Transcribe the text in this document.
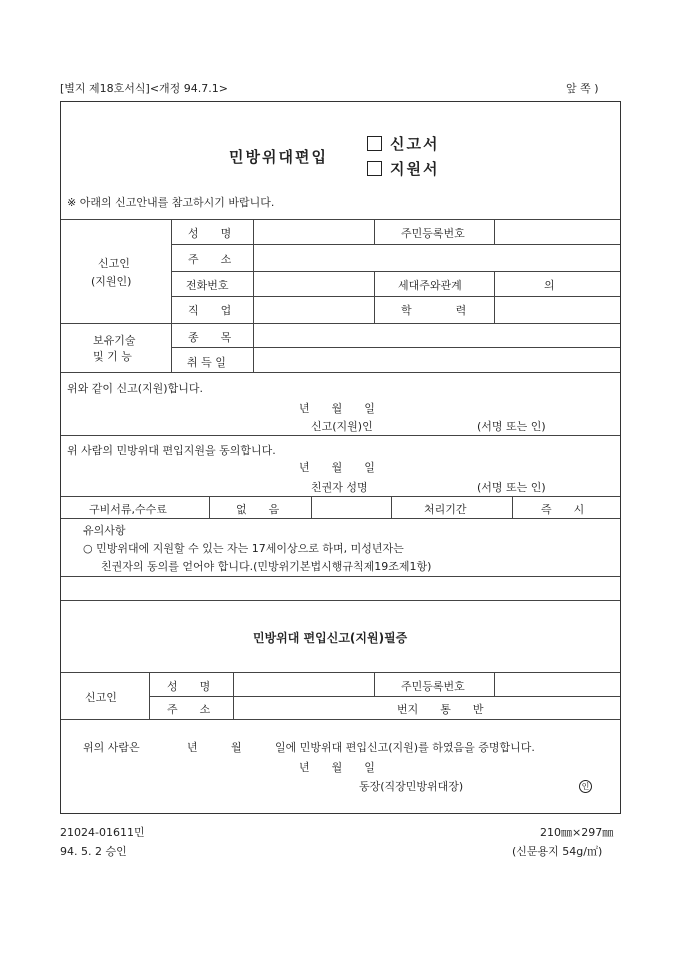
[별지 제18호서식]<개정 94.7.1>	앞 쪽 )
민방위대편입
신고서
지원서
※ 아래의 신고안내를 참고하시기 바랍니다.
신고인
(지원인)
성　　명	주민등록번호
주　　소
전화번호	세대주와관계	의
직　　업	학　　　　력
보유기술
및 기 능
종　　목
취 득 일
위와 같이 신고(지원)합니다.
년　　월　　일
신고(지원)인	(서명 또는 인)
위 사람의 민방위대 편입지원을 동의합니다.
년　　월　　일
친권자 성명	(서명 또는 인)
구비서류,수수료	없　　음	처리기간	즉　　시
유의사항
○ 민방위대에 지원할 수 있는 자는 17세이상으로 하며, 미성년자는
친권자의 동의를 얻어야 합니다.(민방위기본법시행규칙제19조제1항)
민방위대 편입신고(지원)필증
신고인
성　　명	주민등록번호
주　　소	번지　　통　　반
위의 사람은	년	월	일에 민방위대 편입신고(지원)를 하였음을 증명합니다.
년　　월　　일
동장(직장민방위대장)	인
21024-01611민
94. 5. 2 승인
210㎜×297㎜
(신문용지 54g/㎡)
